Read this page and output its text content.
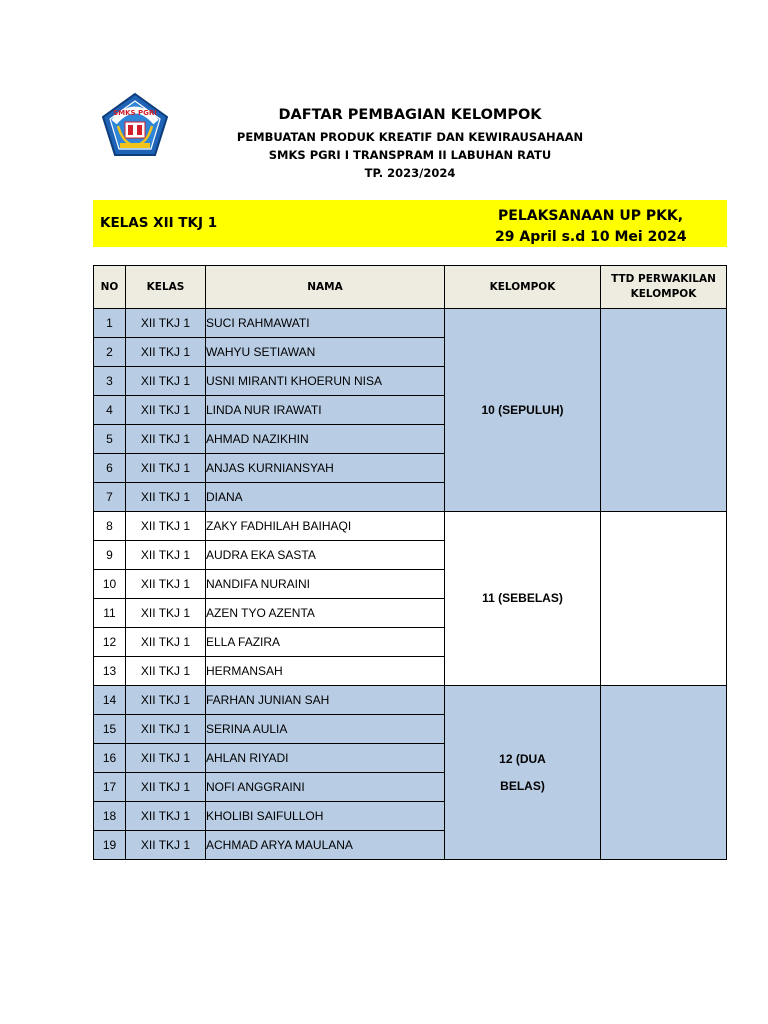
SMKS PGRI	DAFTAR PEMBAGIAN KELOMPOK
PEMBUATAN PRODUK KREATIF DAN KEWIRAUSAHAAN
SMKS PGRI I TRANSPRAM II LABUHAN RATU
TP. 2023/2024
KELAS XII TKJ 1	PELAKSANAAN UP PKK,
29 April s.d 10 Mei 2024
NO	KELAS	NAMA	KELOMPOK	TTD PERWAKILAN
KELOMPOK
1	XII TKJ 1	SUCI RAHMAWATI	10 (SEPULUH)	
2	XII TKJ 1	WAHYU SETIAWAN		
3	XII TKJ 1	USNI MIRANTI KHOERUN NISA		
4	XII TKJ 1	LINDA NUR IRAWATI		
5	XII TKJ 1	AHMAD NAZIKHIN		
6	XII TKJ 1	ANJAS KURNIANSYAH		
7	XII TKJ 1	DIANA		
8	XII TKJ 1	ZAKY FADHILAH BAIHAQI	11 (SEBELAS)	
9	XII TKJ 1	AUDRA EKA SASTA		
10	XII TKJ 1	NANDIFA NURAINI		
11	XII TKJ 1	AZEN TYO AZENTA		
12	XII TKJ 1	ELLA FAZIRA		
13	XII TKJ 1	HERMANSAH		
14	XII TKJ 1	FARHAN JUNIAN SAH	12 (DUA
BELAS)	
15	XII TKJ 1	SERINA AULIA		
16	XII TKJ 1	AHLAN RIYADI		
17	XII TKJ 1	NOFI ANGGRAINI		
18	XII TKJ 1	KHOLIBI SAIFULLOH		
19	XII TKJ 1	ACHMAD ARYA MAULANA		
